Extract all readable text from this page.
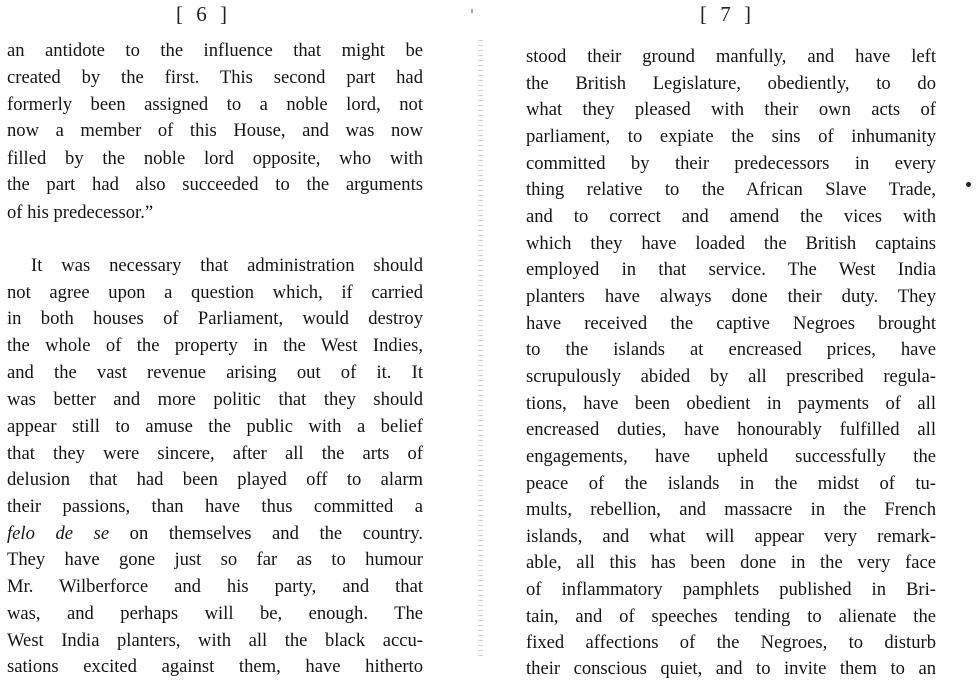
[ 6 ]	[ 7 ]
an antidote to the influence that might be
created by the first. This second part had
formerly been assigned to a noble lord, not
now a member of this House, and was now
filled by the noble lord opposite, who with
the part had also succeeded to the arguments
of his predecessor.”
It was necessary that administration should
not agree upon a question which, if carried
in both houses of Parliament, would destroy
the whole of the property in the West Indies,
and the vast revenue arising out of it. It
was better and more politic that they should
appear still to amuse the public with a belief
that they were sincere, after all the arts of
delusion that had been played off to alarm
their passions, than have thus committed a
felo de se on themselves and the country.
They have gone just so far as to humour
Mr. Wilberforce and his party, and that
was, and perhaps will be, enough. The
West India planters, with all the black accu-
sations excited against them, have hitherto
stood their ground manfully, and have left
the British Legislature, obediently, to do
what they pleased with their own acts of
parliament, to expiate the sins of inhumanity
committed by their predecessors in every
thing relative to the African Slave Trade,
and to correct and amend the vices with
which they have loaded the British captains
employed in that service. The West India
planters have always done their duty. They
have received the captive Negroes brought
to the islands at encreased prices, have
scrupulously abided by all prescribed regula-
tions, have been obedient in payments of all
encreased duties, have honourably fulfilled all
engagements, have upheld successfully the
peace of the islands in the midst of tu-
mults, rebellion, and massacre in the French
islands, and what will appear very remark-
able, all this has been done in the very face
of inflammatory pamphlets published in Bri-
tain, and of speeches tending to alienate the
fixed affections of the Negroes, to disturb
their conscious quiet, and to invite them to an
